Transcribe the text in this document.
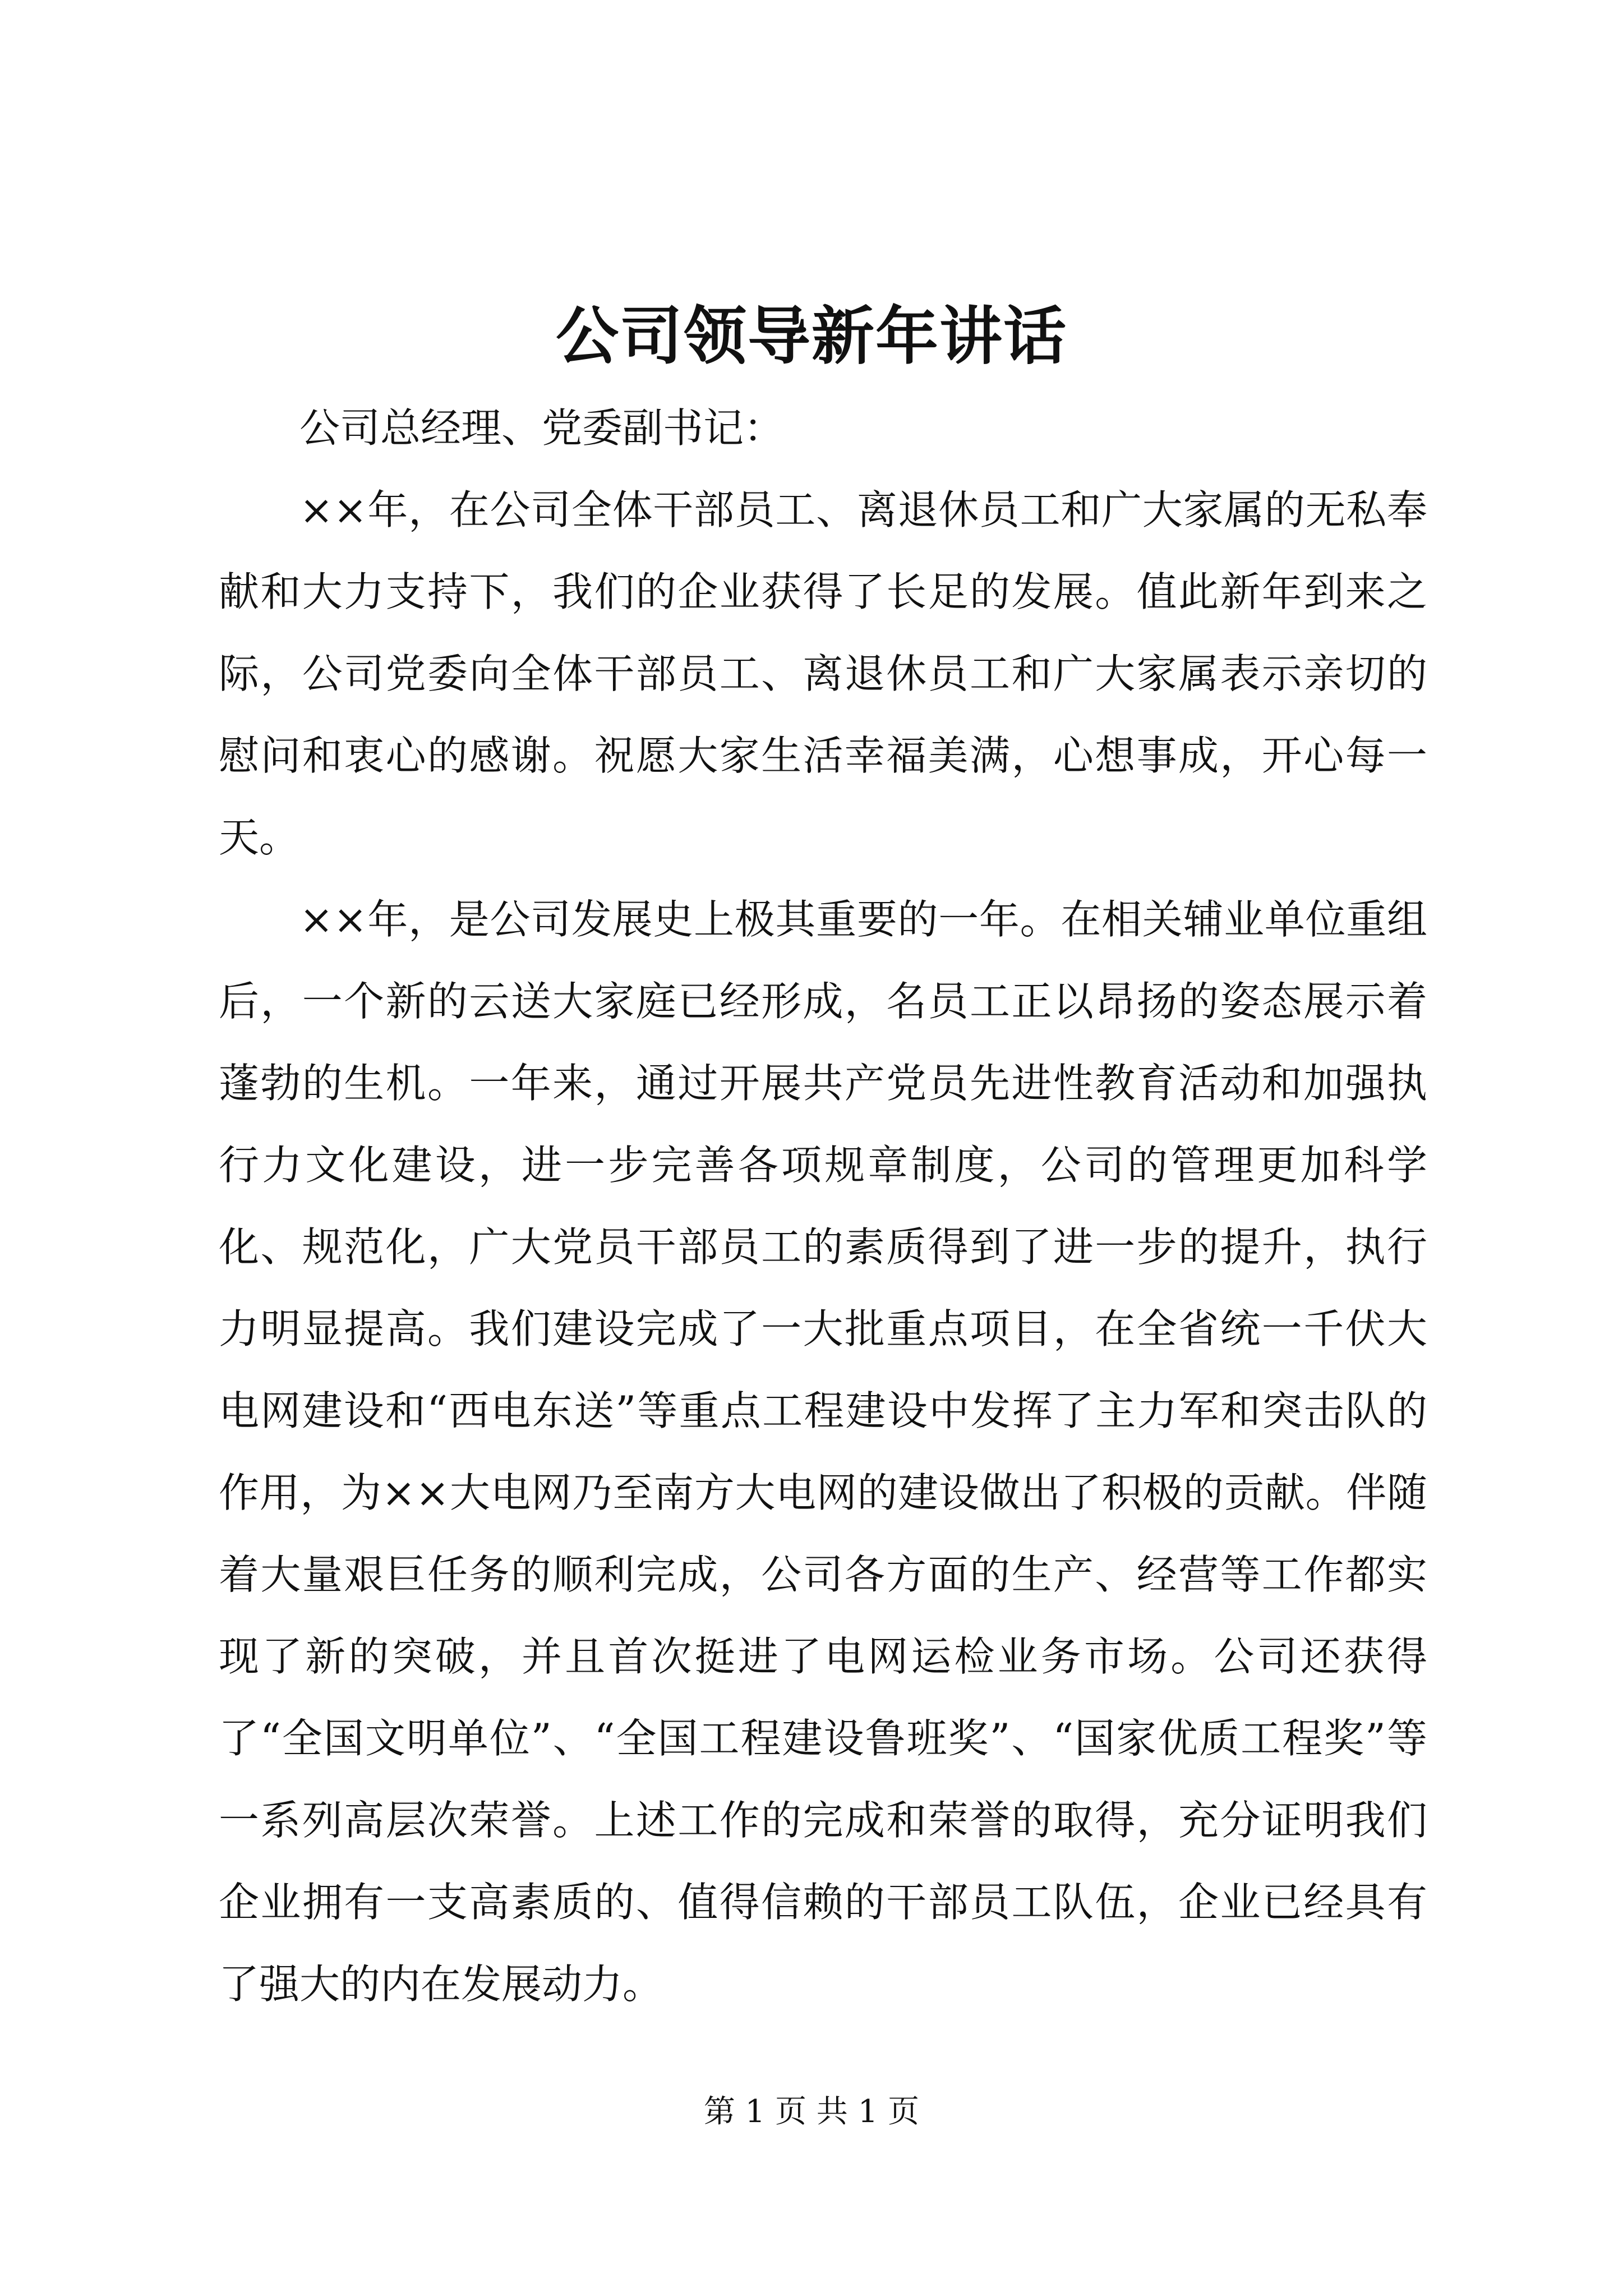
公司领导新年讲话

公司总经理、党委副书记：

××年，在公司全体干部员工、离退休员工和广大家属的无私奉献和大力支持下，我们的企业获得了长足的发展。值此新年到来之际，公司党委向全体干部员工、离退休员工和广大家属表示亲切的慰问和衷心的感谢。祝愿大家生活幸福美满，心想事成，开心每一天。

××年，是公司发展史上极其重要的一年。在相关辅业单位重组后，一个新的云送大家庭已经形成，名员工正以昂扬的姿态展示着蓬勃的生机。一年来，通过开展共产党员先进性教育活动和加强执行力文化建设，进一步完善各项规章制度，公司的管理更加科学化、规范化，广大党员干部员工的素质得到了进一步的提升，执行力明显提高。我们建设完成了一大批重点项目，在全省统一千伏大电网建设和“西电东送”等重点工程建设中发挥了主力军和突击队的作用，为××大电网乃至南方大电网的建设做出了积极的贡献。伴随着大量艰巨任务的顺利完成，公司各方面的生产、经营等工作都实现了新的突破，并且首次挺进了电网运检业务市场。公司还获得了“全国文明单位”、“全国工程建设鲁班奖”、“国家优质工程奖”等一系列高层次荣誉。上述工作的完成和荣誉的取得，充分证明我们企业拥有一支高素质的、值得信赖的干部员工队伍，企业已经具有了强大的内在发展动力。

第 1 页 共 1 页
